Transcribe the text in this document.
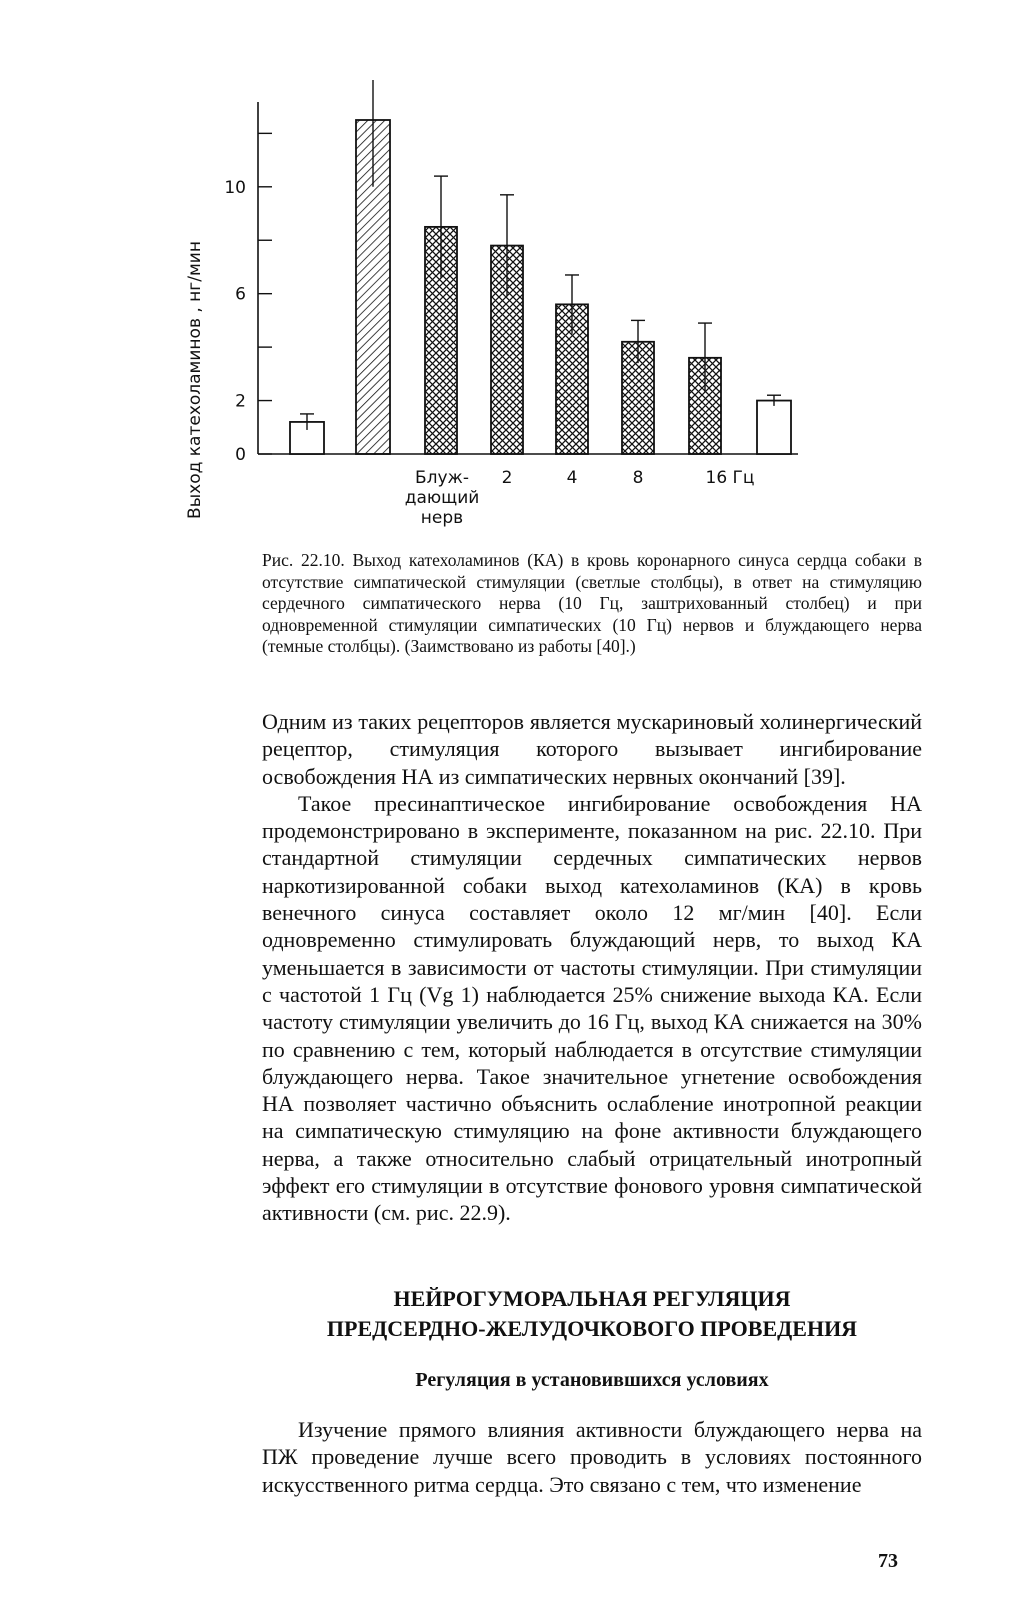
Выход катехоламинов , нг/мин 0
2
6
10
Блуж-
дающий
нерв
2	4	8	16 Гц
Рис. 22.10. Выход катехоламинов (КА) в кровь коронарного синуса сердца собаки в отсутствие симпатической стимуляции (светлые столбцы), в ответ на стимуляцию сердечного симпатического нерва (10 Гц, заштрихованный столбец) и при одновременной стимуляции симпатических (10 Гц) нервов и блуждающего нерва (темные столбцы). (Заимствовано из работы [40].)

Одним из таких рецепторов является мускариновый холинергический рецептор, стимуляция которого вызывает ингибирование освобождения НА из симпатических нервных окончаний [39].

Такое пресинаптическое ингибирование освобождения НА продемонстрировано в эксперименте, показанном на рис. 22.10. При стандартной стимуляции сердечных симпатических нервов наркотизированной собаки выход катехоламинов (КА) в кровь венечного синуса составляет около 12 мг/мин [40]. Если одновременно стимулировать блуждающий нерв, то выход КА уменьшается в зависимости от частоты стимуляции. При стимуляции с частотой 1 Гц (Vg 1) наблюдается 25% снижение выхода КА. Если частоту стимуляции увеличить до 16 Гц, выход КА снижается на 30% по сравнению с тем, который наблюдается в отсутствие стимуляции блуждающего нерва. Такое значительное угнетение освобождения НА позволяет частично объяснить ослабление инотропной реакции на симпатическую стимуляцию на фоне активности блуждающего нерва, а также относительно слабый отрицательный инотропный эффект его стимуляции в отсутствие фонового уровня симпатической активности (см. рис. 22.9).

НЕЙРОГУМОРАЛЬНАЯ РЕГУЛЯЦИЯ
ПРЕДСЕРДНО-ЖЕЛУДОЧКОВОГО ПРОВЕДЕНИЯ
Регуляция в установившихся условиях

Изучение прямого влияния активности блуждающего нерва на ПЖ проведение лучше всего проводить в условиях постоянного искусственного ритма сердца. Это связано с тем, что изменение

73
